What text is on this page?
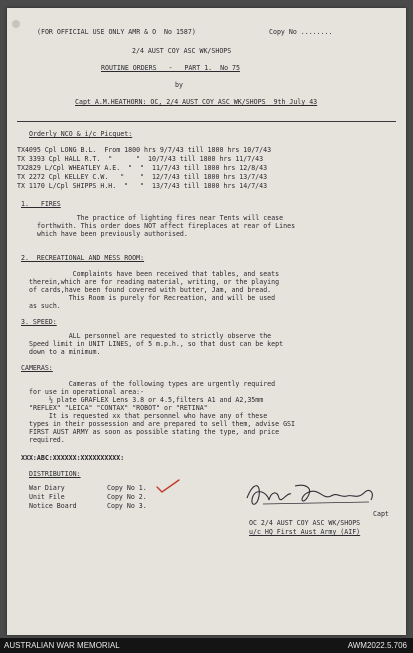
(FOR OFFICIAL USE ONLY AMR & O  No 1587)	Copy No ........
2/4 AUST COY ASC WK/SHOPS
ROUTINE ORDERS   -   PART 1.  No 75
by
Capt A.M.HEATHORN: OC, 2/4 AUST COY ASC WK/SHOPS  9th July 43
Orderly NCO & i/c Picquet:
TX4095 Cpl LONG B.L.  From 1800 hrs 9/7/43 till 1800 hrs 10/7/43
TX 3393 Cpl HALL R.T.  "      "  10/7/43 till 1800 hrs 11/7/43
TX2829 L/Cpl WHEATLEY A.E.  "  "  11/7/43 till 1800 hrs 12/8/43
TX 2272 Cpl KELLEY C.W.   "    "  12/7/43 till 1800 hrs 13/7/43
TX 1170 L/Cpl SHIPPS H.H.  "   "  13/7/43 till 1800 hrs 14/7/43
1.   FIRES
The practice of lighting fires near Tents will cease
forthwith. This order does NOT affect fireplaces at rear of Lines
which have been previously authorised.
2.  RECREATIONAL AND MESS ROOM:
Complaints have been received that tables, and seats
therein,which are for reading material, writing, or the playing
of cards,have been found covered with butter, Jam, and bread.
This Room is purely for Recreation, and will be used
as such.
3. SPEED:
ALL personnel are requested to strictly observe the
Speed limit in UNIT LINES, of 5 m.p.h., so that dust can be kept
down to a minimum.
CAMERAS:
Cameras of the following types are urgently required
for use in operational area:-
½ plate GRAFLEX Lens 3.8 or 4.5,filters A1 and A2,35mm
"REFLEX" "LEICA" "CONTAX" "ROBOT" or "RETINA"
It is requested xx that personnel who have any of these
types in their possession and are prepared to sell them, advise GSI
FIRST AUST ARMY as soon as possible stating the type, and price
required.
XXX:ABC:XXXXXX:XXXXXXXXXX:
DISTRIBUTION:
War Diary	Copy No 1.
Unit File	Copy No 2.
Notice Board	Copy No 3.
Capt
OC 2/4 AUST COY ASC WK/SHOPS
u/c HQ First Aust Army (AIF)
AUSTRALIAN WAR MEMORIAL	AWM2022.5.706
